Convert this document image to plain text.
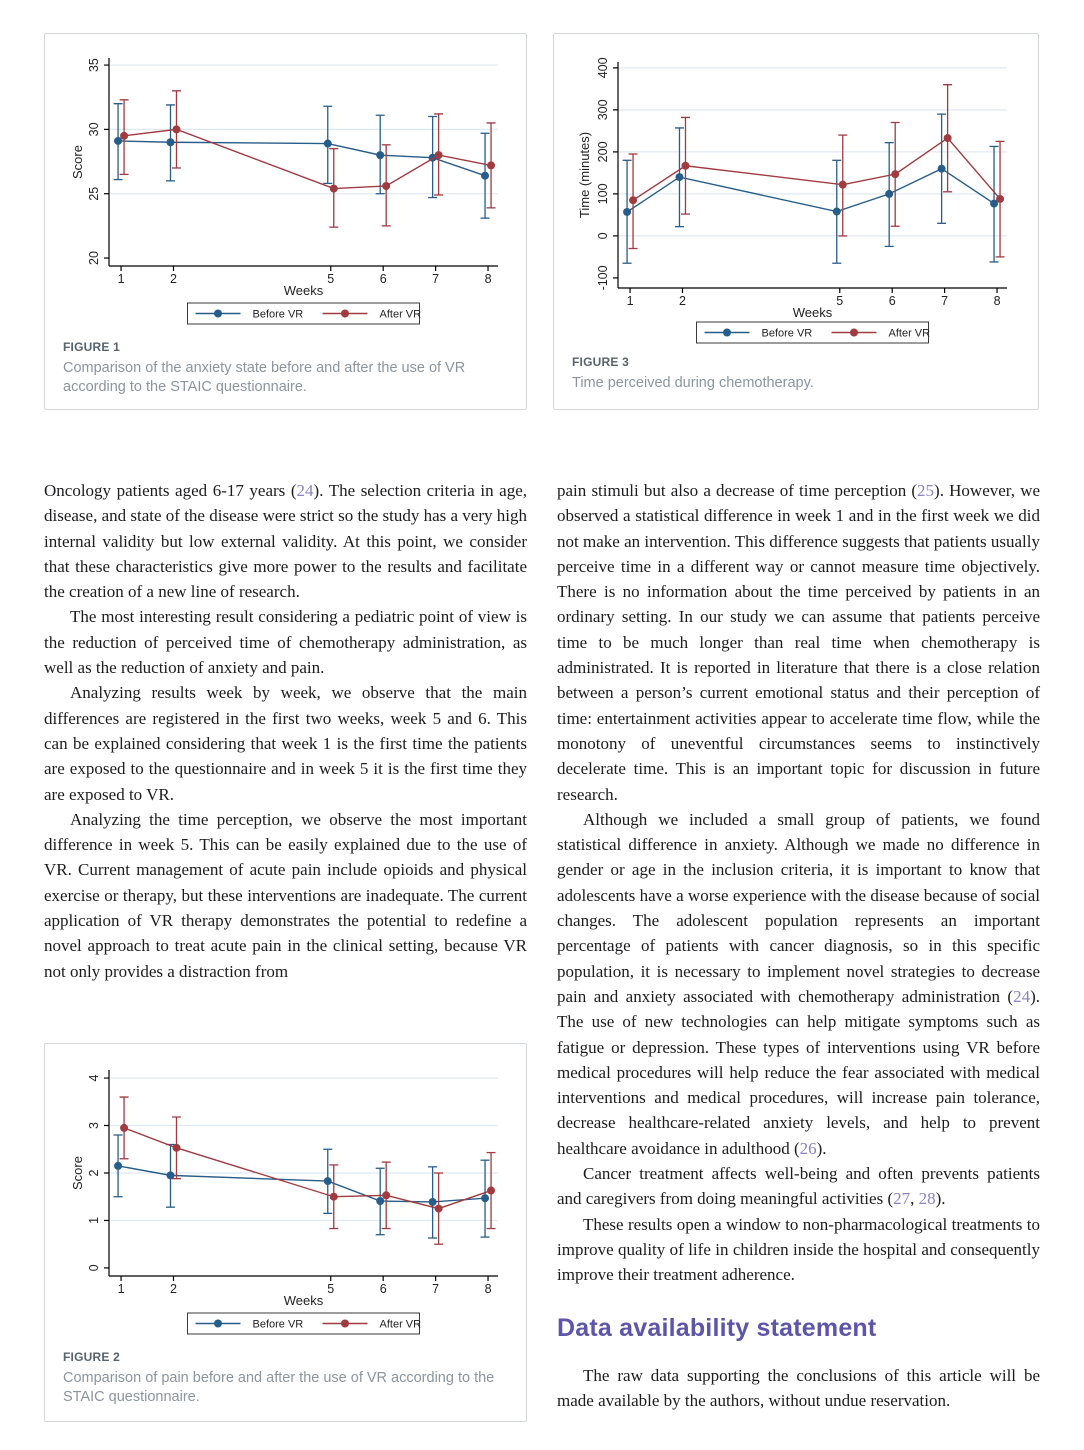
20
25
30
35
1	2	5	6	7	8
Score
Weeks
Before VR	After VR
FIGURE 1
Comparison of the anxiety state before and after the use of VR according to the STAIC questionnaire.
-100
0
100
200
300
400
1	2	5	6	7	8
Time (minutes)
Weeks
Before VR	After VR
FIGURE 3
Time perceived during chemotherapy.
0
1
2
3
4
1	2	5	6	7	8
Score
Weeks
Before VR	After VR
FIGURE 2
Comparison of pain before and after the use of VR according to the STAIC questionnaire.

Oncology patients aged 6-17 years (24). The selection criteria in age, disease, and state of the disease were strict so the study has a very high internal validity but low external validity. At this point, we consider that these characteristics give more power to the results and facilitate the creation of a new line of research.

The most interesting result considering a pediatric point of view is the reduction of perceived time of chemotherapy administration, as well as the reduction of anxiety and pain.

Analyzing results week by week, we observe that the main differences are registered in the first two weeks, week 5 and 6. This can be explained considering that week 1 is the first time the patients are exposed to the questionnaire and in week 5 it is the first time they are exposed to VR.

Analyzing the time perception, we observe the most important difference in week 5. This can be easily explained due to the use of VR. Current management of acute pain include opioids and physical exercise or therapy, but these interventions are inadequate. The current application of VR therapy demonstrates the potential to redefine a novel approach to treat acute pain in the clinical setting, because VR not only provides a distraction from

pain stimuli but also a decrease of time perception (25). However, we observed a statistical difference in week 1 and in the first week we did not make an intervention. This difference suggests that patients usually perceive time in a different way or cannot measure time objectively. There is no information about the time perceived by patients in an ordinary setting. In our study we can assume that patients perceive time to be much longer than real time when chemotherapy is administrated. It is reported in literature that there is a close relation between a person’s current emotional status and their perception of time: entertainment activities appear to accelerate time flow, while the monotony of uneventful circumstances seems to instinctively decelerate time. This is an important topic for discussion in future research.

Although we included a small group of patients, we found statistical difference in anxiety. Although we made no difference in gender or age in the inclusion criteria, it is important to know that adolescents have a worse experience with the disease because of social changes. The adolescent population represents an important percentage of patients with cancer diagnosis, so in this specific population, it is necessary to implement novel strategies to decrease pain and anxiety associated with chemotherapy administration (24). The use of new technologies can help mitigate symptoms such as fatigue or depression. These types of interventions using VR before medical procedures will help reduce the fear associated with medical interventions and medical procedures, will increase pain tolerance, decrease healthcare-related anxiety levels, and help to prevent healthcare avoidance in adulthood (26).

Cancer treatment affects well-being and often prevents patients and caregivers from doing meaningful activities (27, 28).

These results open a window to non-pharmacological treatments to improve quality of life in children inside the hospital and consequently improve their treatment adherence.

Data availability statement

The raw data supporting the conclusions of this article will be made available by the authors, without undue reservation.
